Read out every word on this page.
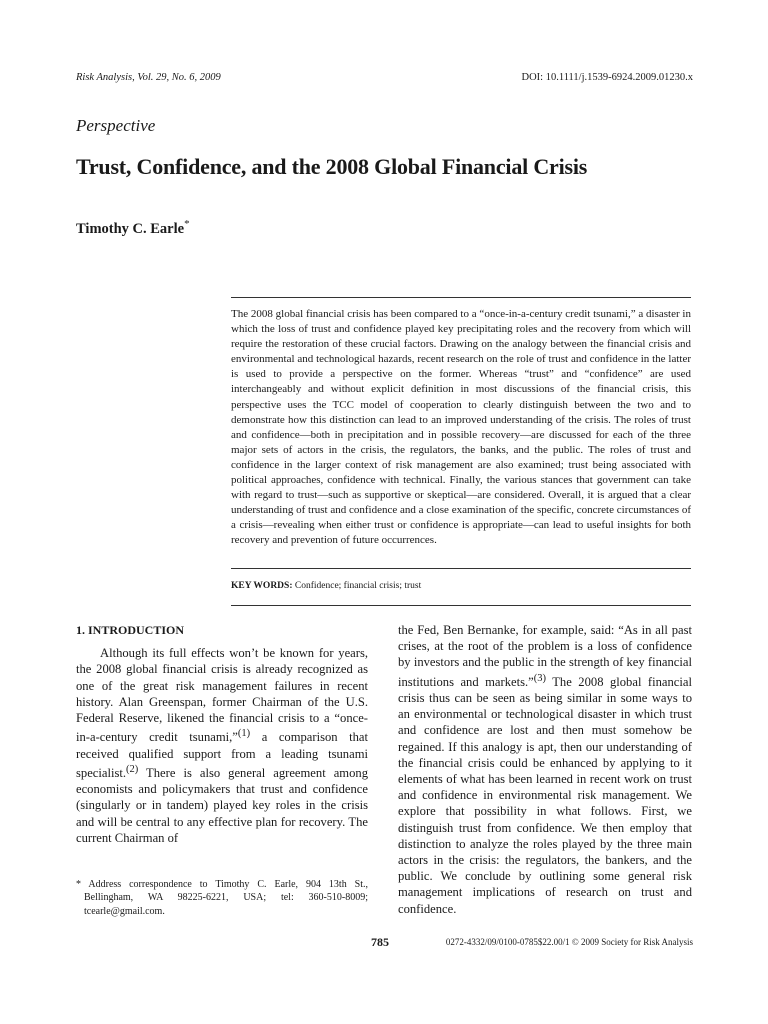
Risk Analysis, Vol. 29, No. 6, 2009	DOI: 10.1111/j.1539-6924.2009.01230.x
Perspective
Trust, Confidence, and the 2008 Global Financial Crisis
Timothy C. Earle*
The 2008 global financial crisis has been compared to a “once-in-a-century credit tsunami,” a disaster in which the loss of trust and confidence played key precipitating roles and the recovery from which will require the restoration of these crucial factors. Drawing on the analogy between the financial crisis and environmental and technological hazards, recent research on the role of trust and confidence in the latter is used to provide a perspective on the former. Whereas “trust” and “confidence” are used interchangeably and without explicit definition in most discussions of the financial crisis, this perspective uses the TCC model of cooperation to clearly distinguish between the two and to demonstrate how this distinction can lead to an improved understanding of the crisis. The roles of trust and confidence—both in precipitation and in possible recovery—are discussed for each of the three major sets of actors in the crisis, the regulators, the banks, and the public. The roles of trust and confidence in the larger context of risk management are also examined; trust being associated with political approaches, confidence with technical. Finally, the various stances that government can take with regard to trust—such as supportive or skeptical—are considered. Overall, it is argued that a clear understanding of trust and confidence and a close examination of the specific, concrete circumstances of a crisis—revealing when either trust or confidence is appropriate—can lead to useful insights for both recovery and prevention of future occurrences.
KEY WORDS: Confidence; financial crisis; trust
1. INTRODUCTION

Although its full effects won’t be known for years, the 2008 global financial crisis is already recognized as one of the great risk management failures in recent history. Alan Greenspan, former Chairman of the U.S. Federal Reserve, likened the financial crisis to a “once-in-a-century credit tsunami,”$^{(1)}$ a comparison that received qualified support from a leading tsunami specialist.$^{(2)}$ There is also general agreement among economists and policymakers that trust and confidence (singularly or in tandem) played key roles in the crisis and will be central to any effective plan for recovery. The current Chairman of

* Address correspondence to Timothy C. Earle, 904 13th St., Bellingham, WA 98225-6221, USA; tel: 360-510-8009; tcearle@gmail.com.

the Fed, Ben Bernanke, for example, said: “As in all past crises, at the root of the problem is a loss of confidence by investors and the public in the strength of key financial institutions and markets.”$^{(3)}$ The 2008 global financial crisis thus can be seen as being similar in some ways to an environmental or technological disaster in which trust and confidence are lost and then must somehow be regained. If this analogy is apt, then our understanding of the financial crisis could be enhanced by applying to it elements of what has been learned in recent work on trust and confidence in environmental risk management. We explore that possibility in what follows. First, we distinguish trust from confidence. We then employ that distinction to analyze the roles played by the three main actors in the crisis: the regulators, the bankers, and the public. We conclude by outlining some general risk management implications of research on trust and confidence.

785	0272-4332/09/0100-0785$22.00/1 © 2009 Society for Risk Analysis
